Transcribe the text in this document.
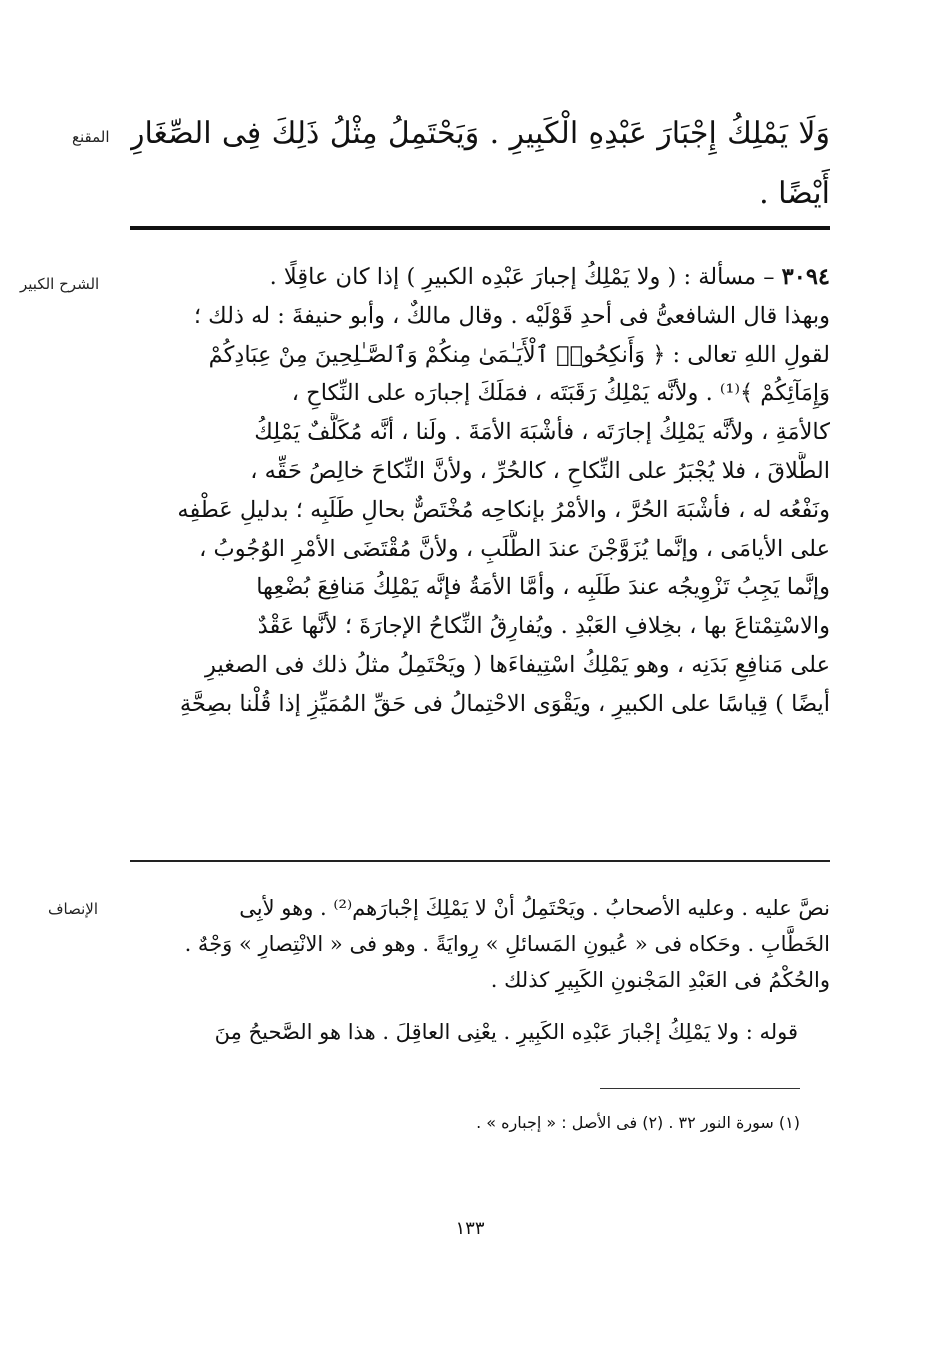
المقنع وَلَا يَمْلِكُ إِجْبَارَ عَبْدِهِ الْكَبِيرِ . وَيَحْتَمِلُ مِثْلُ ذَلِكَ فِى الصِّغَارِ
أَيْضًا .
الشرح الكبير	٣٠٩٤ – مسألة : ( ولا يَمْلِكُ إجبارَ عَبْدِه الكبيرِ ) إذا كان عاقِلًا .
وبهذا قال الشافعىُّ فى أحدِ قَوْلَيْه . وقال مالكٌ ، وأبو حنيفةَ : له ذلك ؛
لقولِ اللهِ تعالى : ﴿ وَأَنكِحُوا۟ ٱلْأَيَـٰمَىٰ مِنكُمْ وَٱلصَّـٰلِحِينَ مِنْ عِبَادِكُمْ
وَإِمَآئِكُمْ ﴾⁽¹⁾ . ولأنَّه يَمْلِكُ رَقَبَتَه ، فمَلَكَ إجبارَه على النِّكاحِ ،
كالأمَةِ ، ولأنَّه يَمْلِكُ إجارَتَه ، فأشْبَهَ الأمَةَ . ولَنا ، أنَّه مُكَلَّفٌ يَمْلِكُ
الطَّلاقَ ، فلا يُجْبَرُ على النِّكاحِ ، كالحُرِّ ، ولأنَّ النِّكاحَ خالِصُ حَقِّه ،
ونَفْعُه له ، فأشْبَهَ الحُرَّ ، والأمْرُ بإنكاحِه مُخْتَصٌّ بحالِ طَلَبِه ؛ بدليلِ عَطْفِه
على الأيامَى ، وإنَّما يُزَوَّجْنَ عندَ الطَّلَبِ ، ولأنَّ مُقْتَضَى الأمْرِ الوُجُوبُ ،
وإنَّما يَجِبُ تَزْوِيجُه عندَ طَلَبِه ، وأمَّا الأمَةُ فإنَّه يَمْلِكُ مَنافِعَ بُضْعِها
والاسْتِمْتاعَ بها ، بخِلافِ العَبْدِ . ويُفارِقُ النِّكاحُ الإجارَةَ ؛ لأنَّها عَقْدٌ
على مَنافِعِ بَدَنِه ، وهو يَمْلِكُ اسْتِيفاءَها ( ويَحْتَمِلُ مثلُ ذلك فى الصغيرِ
أيضًا ) قِياسًا على الكبيرِ ، ويَقْوَى الاحْتِمالُ فى حَقِّ المُمَيِّزِ إذا قُلْنا بصِحَّةِ
الإنصاف	نصَّ عليه . وعليه الأصحابُ . ويَحْتَمِلُ أنْ لا يَمْلِكَ إجْبارَهم⁽²⁾ . وهو لأبِى
الخَطَّابِ . وحَكاه فى « عُيونِ المَسائلِ » رِوايَةً . وهو فى « الانْتِصارِ » وَجْهٌ .
والحُكْمُ فى العَبْدِ المَجْنونِ الكَبِيرِ كذلك .
قوله : ولا يَمْلِكُ إجْبارَ عَبْدِه الكَبِيرِ . يعْنِى العاقِلَ . هذا هو الصَّحيحُ مِنَ
(١) سورة النور ٣٢ . (٢) فى الأصل : « إجباره » .
١٣٣
